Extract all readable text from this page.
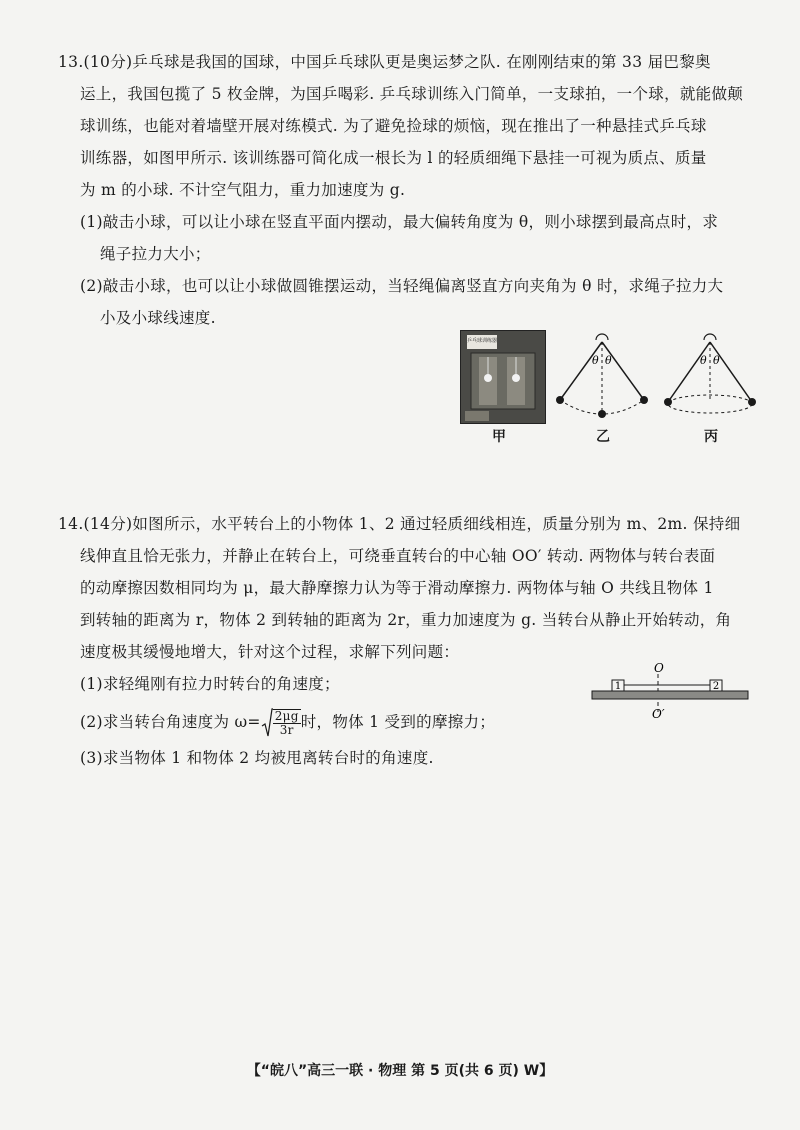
13.(10分)乒乓球是我国的国球，中国乒乓球队更是奥运梦之队. 在刚刚结束的第 33 届巴黎奥
运上，我国包揽了 5 枚金牌，为国乒喝彩. 乒乓球训练入门简单，一支球拍，一个球，就能做颠
球训练，也能对着墙壁开展对练模式. 为了避免捡球的烦恼，现在推出了一种悬挂式乒乓球
训练器，如图甲所示. 该训练器可简化成一根长为 l 的轻质细绳下悬挂一可视为质点、质量
为 m 的小球. 不计空气阻力，重力加速度为 g.
(1)敲击小球，可以让小球在竖直平面内摆动，最大偏转角度为 θ，则小球摆到最高点时，求
绳子拉力大小；
(2)敲击小球，也可以让小球做圆锥摆运动，当轻绳偏离竖直方向夹角为 θ 时，求绳子拉力大
小及小球线速度.
乒乓球训练器
θ θ	θ θ
甲	乙	丙
14.(14分)如图所示，水平转台上的小物体 1、2 通过轻质细线相连，质量分别为 m、2m. 保持细
线伸直且恰无张力，并静止在转台上，可绕垂直转台的中心轴 OO′ 转动. 两物体与转台表面
的动摩擦因数相同均为 μ，最大静摩擦力认为等于滑动摩擦力. 两物体与轴 O 共线且物体 1
到转轴的距离为 r，物体 2 到转轴的距离为 2r，重力加速度为 g. 当转台从静止开始转动，角
速度极其缓慢地增大，针对这个过程，求解下列问题：
(1)求轻绳刚有拉力时转台的角速度；
(2)求当转台角速度为 $\omega= \frac{2\mu g}{3r}$ 时，物体 1 受到的摩擦力；
(3)求当物体 1 和物体 2 均被甩离转台时的角速度.
O
1	2
O′
【“皖八”高三一联 · 物理 第 5 页(共 6 页) W】
